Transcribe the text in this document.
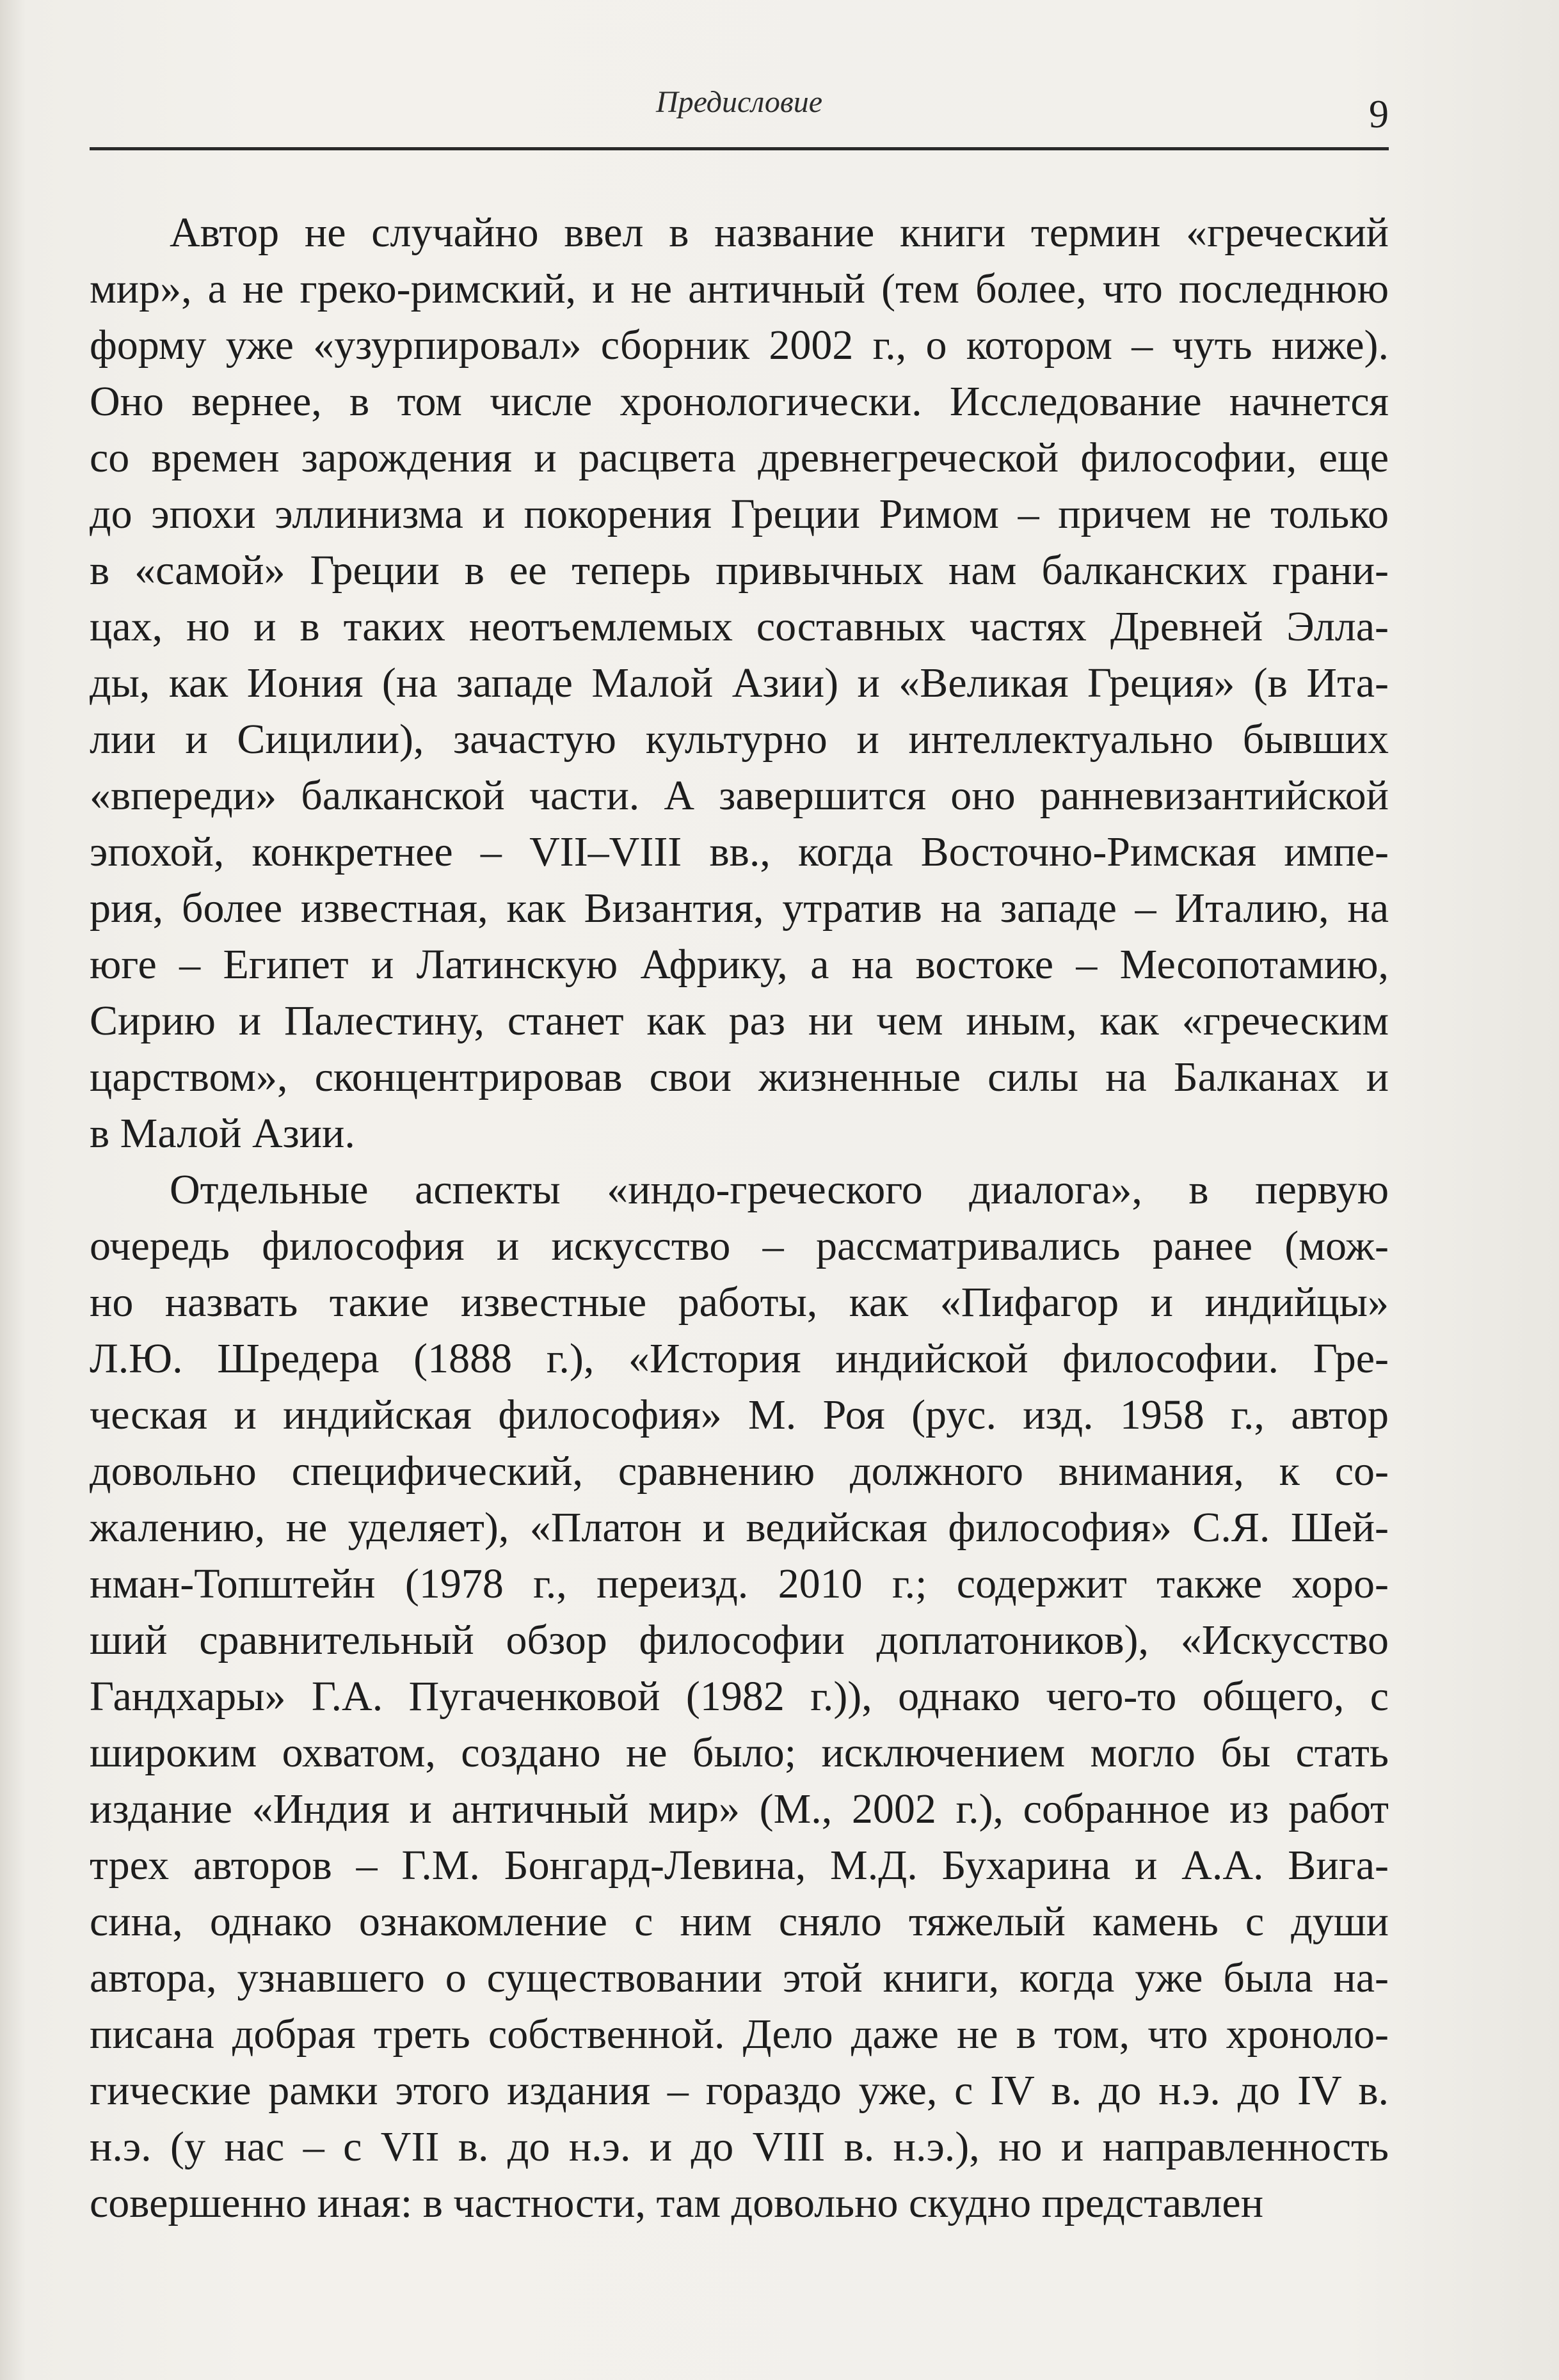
Предисловие	9
Автор не случайно ввел в название книги термин «греческий
мир», а не греко-римский, и не античный (тем более, что последнюю
форму уже «узурпировал» сборник 2002 г., о котором – чуть ниже).
Оно вернее, в том числе хронологически. Исследование начнется
со времен зарождения и расцвета древнегреческой философии, еще
до эпохи эллинизма и покорения Греции Римом – причем не только
в «самой» Греции в ее теперь привычных нам балканских грани-
цах, но и в таких неотъемлемых составных частях Древней Элла-
ды, как Иония (на западе Малой Азии) и «Великая Греция» (в Ита-
лии и Сицилии), зачастую культурно и интеллектуально бывших
«впереди» балканской части. А завершится оно ранневизантийской
эпохой, конкретнее – VII–VIII вв., когда Восточно-Римская импе-
рия, более известная, как Византия, утратив на западе – Италию, на
юге – Египет и Латинскую Африку, а на востоке – Месопотамию,
Сирию и Палестину, станет как раз ни чем иным, как «греческим
царством», сконцентрировав свои жизненные силы на Балканах и
в Малой Азии.
Отдельные аспекты «индо-греческого диалога», в первую
очередь философия и искусство – рассматривались ранее (мож-
но назвать такие известные работы, как «Пифагор и индийцы»
Л.Ю. Шредера (1888 г.), «История индийской философии. Гре-
ческая и индийская философия» М. Роя (рус. изд. 1958 г., автор
довольно специфический, сравнению должного внимания, к со-
жалению, не уделяет), «Платон и ведийская философия» С.Я. Шей-
нман-Топштейн (1978 г., переизд. 2010 г.; содержит также хоро-
ший сравнительный обзор философии доплатоников), «Искусство
Гандхары» Г.А. Пугаченковой (1982 г.)), однако чего-то общего, с
широким охватом, создано не было; исключением могло бы стать
издание «Индия и античный мир» (М., 2002 г.), собранное из работ
трех авторов – Г.М. Бонгард-Левина, М.Д. Бухарина и А.А. Вига-
сина, однако ознакомление с ним сняло тяжелый камень с души
автора, узнавшего о существовании этой книги, когда уже была на-
писана добрая треть собственной. Дело даже не в том, что хроноло-
гические рамки этого издания – гораздо уже, с IV в. до н.э. до IV в.
н.э. (у нас – с VII в. до н.э. и до VIII в. н.э.), но и направленность
совершенно иная: в частности, там довольно скудно представлен
